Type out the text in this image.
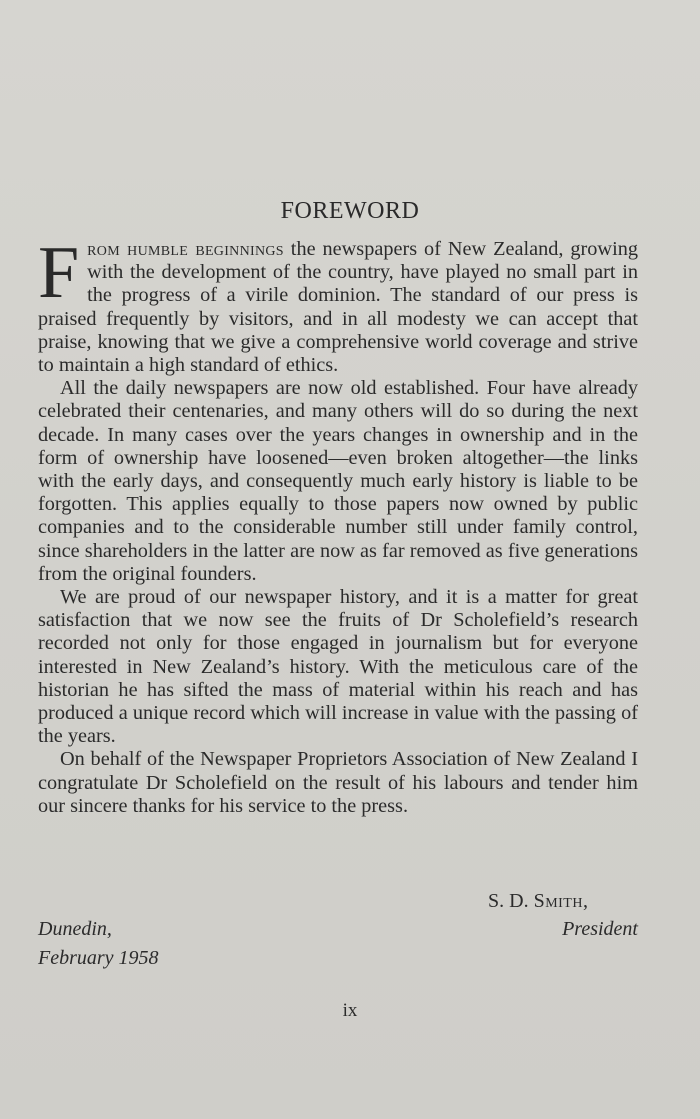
FOREWORD

From humble beginnings the newspapers of New Zealand, growing with the development of the country, have played no small part in the progress of a virile dominion. The standard of our press is praised frequently by visitors, and in all modesty we can accept that praise, knowing that we give a comprehensive world coverage and strive to maintain a high standard of ethics.

All the daily newspapers are now old established. Four have already celebrated their centenaries, and many others will do so during the next decade. In many cases over the years changes in ownership and in the form of ownership have loosened—even broken altogether—the links with the early days, and consequently much early history is liable to be forgotten. This applies equally to those papers now owned by public companies and to the considerable number still under family control, since shareholders in the latter are now as far removed as five generations from the original founders.

We are proud of our newspaper history, and it is a matter for great satisfaction that we now see the fruits of Dr Scholefield’s research recorded not only for those engaged in journalism but for everyone interested in New Zealand’s history. With the meticulous care of the historian he has sifted the mass of material within his reach and has produced a unique record which will increase in value with the passing of the years.

On behalf of the Newspaper Proprietors Association of New Zealand I congratulate Dr Scholefield on the result of his labours and tender him our sincere thanks for his service to the press.

S. D. Smith,
President
Dunedin,
February 1958
ix
